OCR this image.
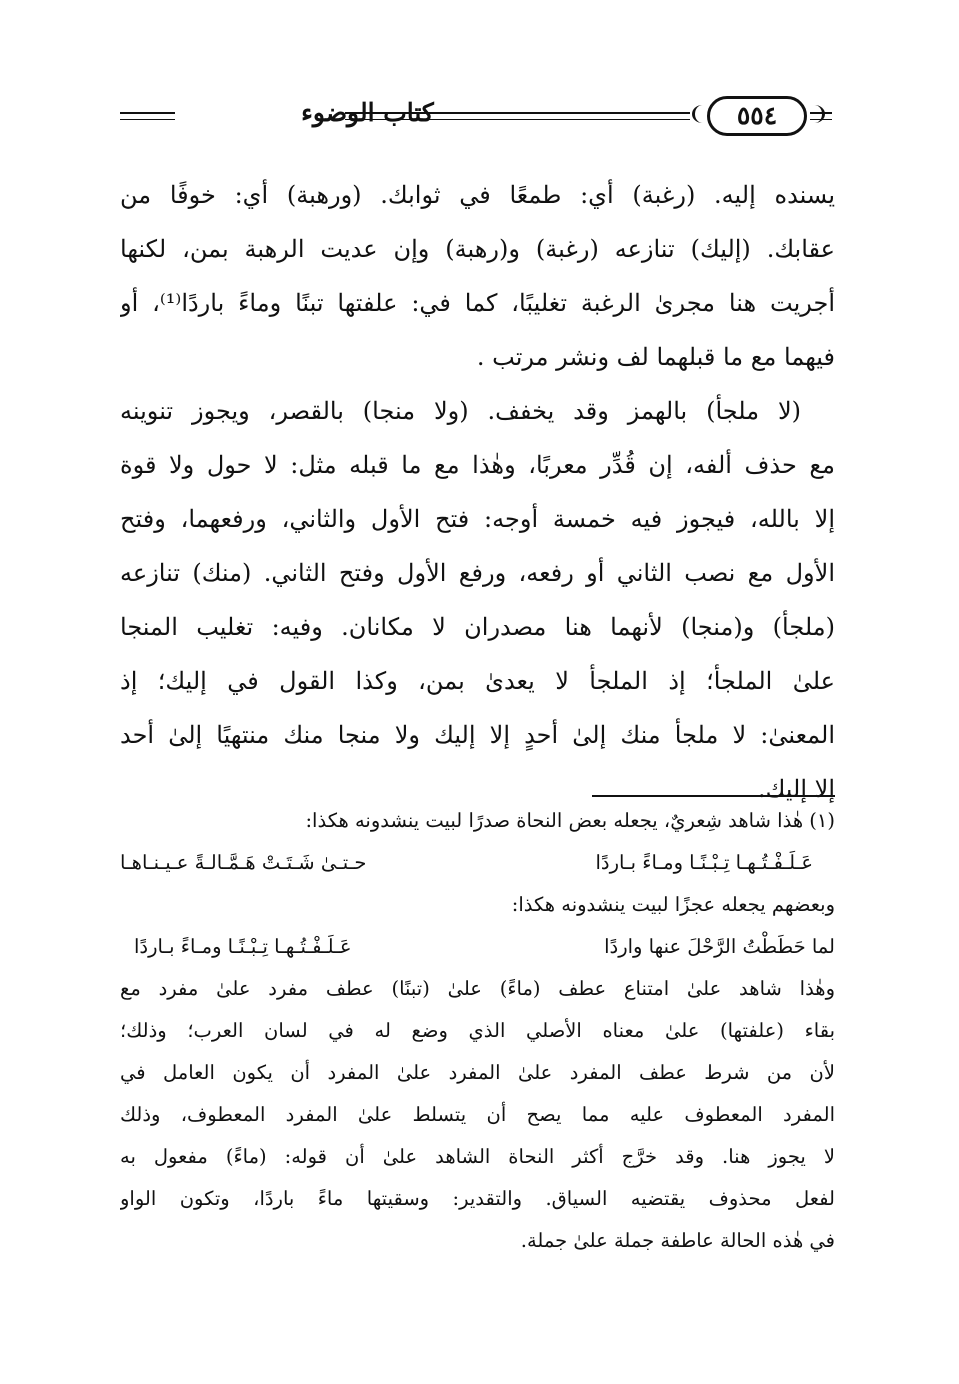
كتاب الوضوء	٥٥٤
يسنده إليه. (رغبة) أي: طمعًا في ثوابك. (ورهبة) أي: خوفًا من
عقابك. (إليك) تنازعه (رغبة) و(رهبة) وإن عديت الرهبة بمن، لكنها
أجريت هنا مجرىٰ الرغبة تغليبًا، كما في: علفتها تبنًا وماءً باردًا⁽¹⁾، أو
فيهما مع ما قبلهما لف ونشر مرتب .
(لا ملجأ) بالهمز وقد يخفف. (ولا منجا) بالقصر، ويجوز تنوينه
مع حذف ألفه، إن قُدِّر معربًا، وهٰذا مع ما قبله مثل: لا حول ولا قوة
إلا بالله، فيجوز فيه خمسة أوجه: فتح الأول والثاني، ورفعهما، وفتح
الأول مع نصب الثاني أو رفعه، ورفع الأول وفتح الثاني. (منك) تنازعه
(ملجأ) و(منجا) لأنهما هنا مصدران لا مكانان. وفيه: تغليب المنجا
علىٰ الملجأ؛ إذ الملجأ لا يعدىٰ بمن، وكذا القول في إليك؛ إذ
المعنىٰ: لا ملجأ منك إلىٰ أحدٍ إلا إليك ولا منجا منك منتهيًا إلىٰ أحد
إلا إليك.
(١) هٰذا شاهد شِعريٌ، يجعله بعض النحاة صدرًا لبيت ينشدونه هكذا:
عَـلَـفْـتُـهـا تِـبْـنًـا ومـاءً بـاردًا
حـتـىٰ شَـتَـتْ هَـمَّـالـةً عـيـنـاهـا
وبعضهم يجعله عجزًا لبيت ينشدونه هكذا:
لما حَطَطْتُ الرَّحْلَ عنها واردًا
عَـلَـفْـتُـهـا تِـبْـنًـا ومـاءً بـاردًا
وهٰذا شاهد علىٰ امتناع عطف (ماءً) علىٰ (تبنًا) عطف مفرد علىٰ مفرد مع
بقاء (علفتها) علىٰ معناه الأصلي الذي وضع له في لسان العرب؛ وذلك؛
لأن من شرط عطف المفرد علىٰ المفرد علىٰ المفرد أن يكون العامل في
المفرد المعطوف عليه مما يصح أن يتسلط علىٰ المفرد المعطوف، وذلك
لا يجوز هنا. وقد خرَّج أكثر النحاة الشاهد علىٰ أن قوله: (ماءً) مفعول به
لفعل محذوف يقتضيه السياق. والتقدير: وسقيتها ماءً باردًا، وتكون الواو
في هٰذه الحالة عاطفة جملة علىٰ جملة.
